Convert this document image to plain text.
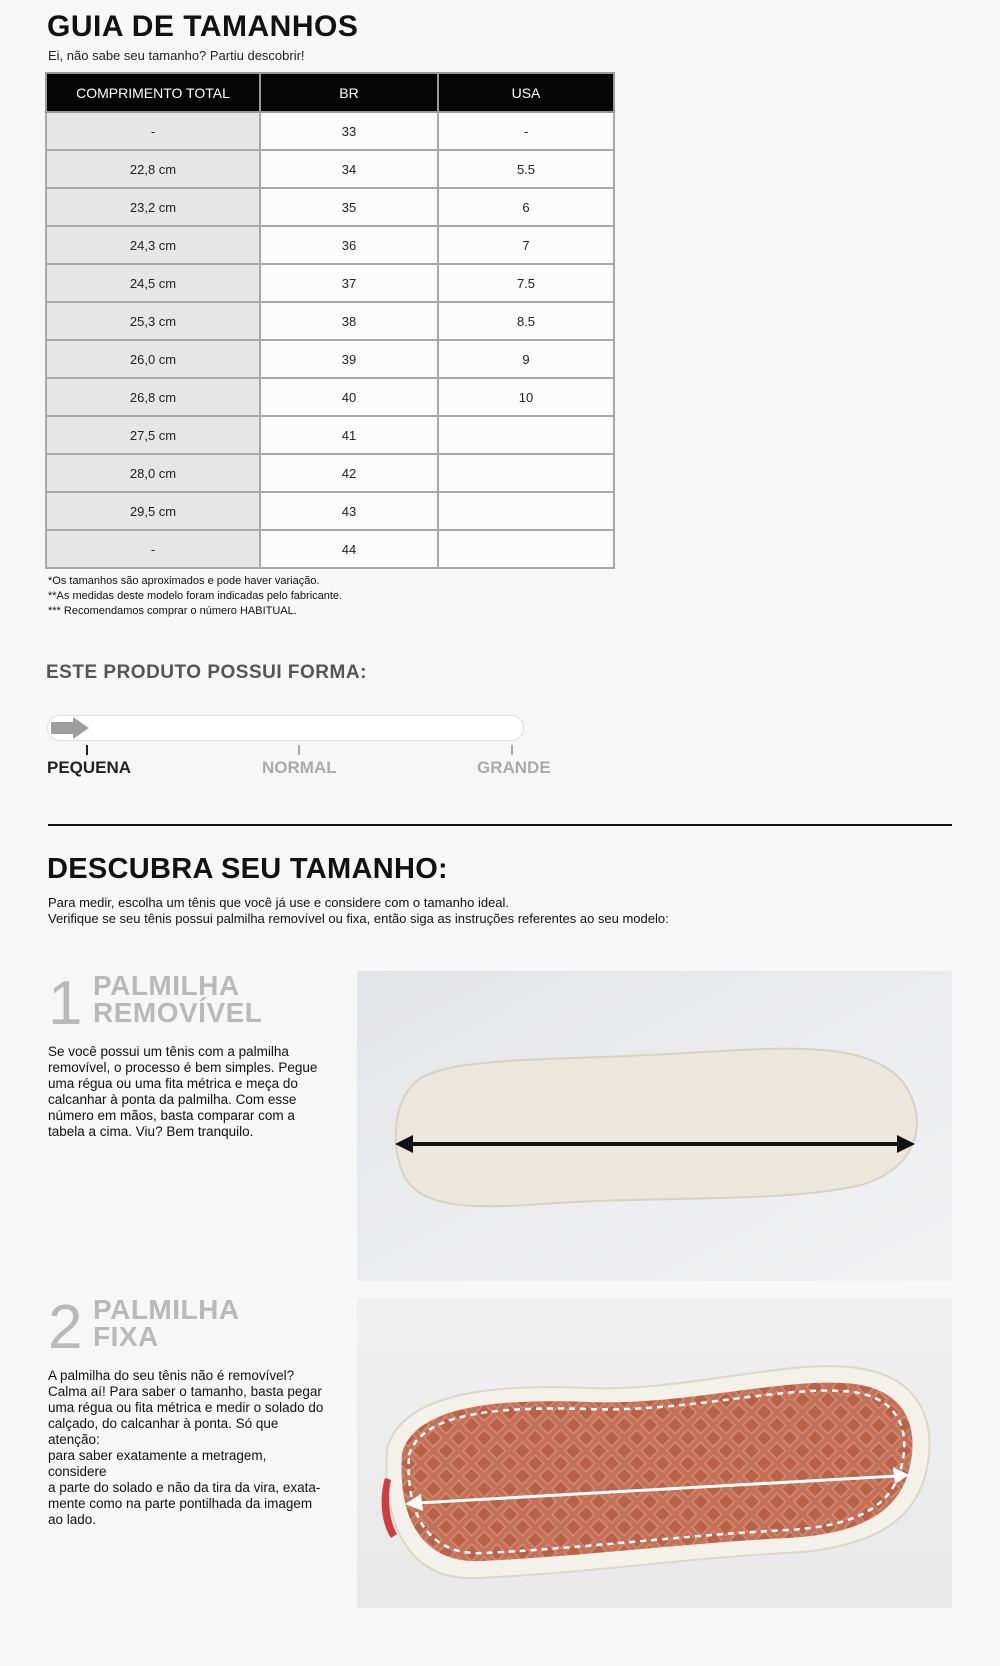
GUIA DE TAMANHOS
Ei, não sabe seu tamanho? Partiu descobrir!
COMPRIMENTO TOTAL	BR	USA
-	33	-
22,8 cm	34	5.5
23,2 cm	35	6
24,3 cm	36	7
24,5 cm	37	7.5
25,3 cm	38	8.5
26,0 cm	39	9
26,8 cm	40	10
27,5 cm	41	
28,0 cm	42	
29,5 cm	43	
-	44	
*Os tamanhos são aproximados e pode haver variação.
**As medidas deste modelo foram indicadas pelo fabricante.
*** Recomendamos comprar o número HABITUAL.
ESTE PRODUTO POSSUI FORMA:
PEQUENA	NORMAL	GRANDE
DESCUBRA SEU TAMANHO:
Para medir, escolha um tênis que você já use e considere com o tamanho ideal.
Verifique se seu tênis possui palmilha removível ou fixa, então siga as instruções referentes ao seu modelo:
1 PALMILHA
REMOVÍVEL
Se você possui um tênis com a palmilha
removível, o processo é bem simples. Pegue
uma régua ou uma fita métrica e meça do
calcanhar à ponta da palmilha. Com esse
número em mãos, basta comparar com a
tabela a cima. Viu? Bem tranquilo.
2 PALMILHA
FIXA
A palmilha do seu tênis não é removível?
Calma aí! Para saber o tamanho, basta pegar
uma régua ou fita métrica e medir o solado do
calçado, do calcanhar à ponta. Só que atenção:
para saber exatamente a metragem, considere
a parte do solado e não da tira da vira, exata-
mente como na parte pontilhada da imagem
ao lado.
